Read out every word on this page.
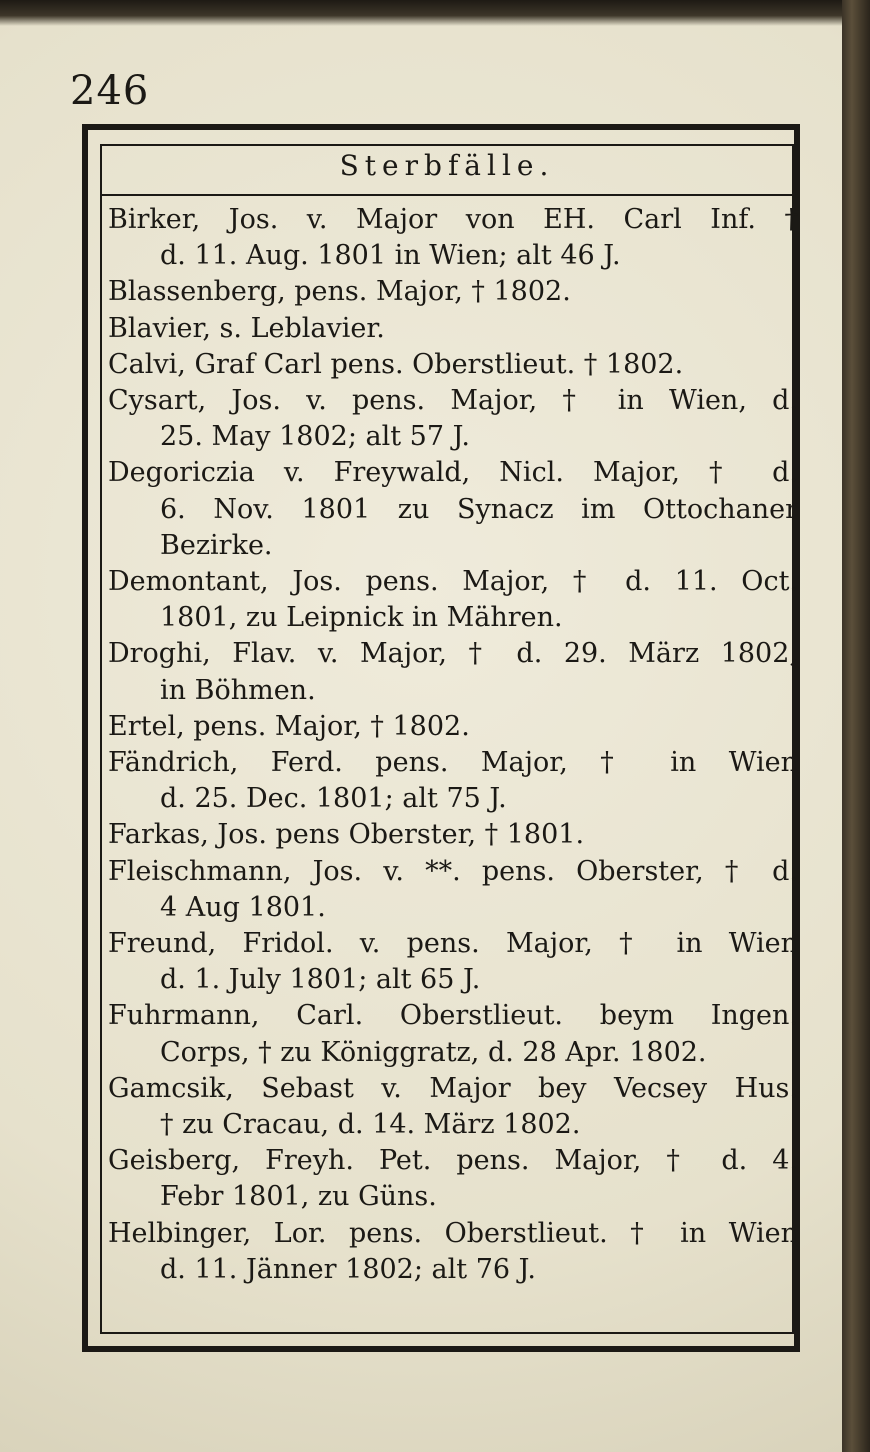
246
Sterbfälle.
Birker, Jos. v. Major von EH. Carl Inf. †
d. 11. Aug. 1801 in Wien; alt 46 J.
Blassenberg, pens. Major, † 1802.
Blavier, s. Leblavier.
Calvi, Graf Carl pens. Oberstlieut. † 1802.
Cysart, Jos. v. pens. Major, † in Wien, d.
25. May 1802; alt 57 J.
Degoriczia v. Freywald, Nicl. Major, † d.
6. Nov. 1801 zu Synacz im Ottochaner
Bezirke.
Demontant, Jos. pens. Major, † d. 11. Oct.
1801, zu Leipnick in Mähren.
Droghi, Flav. v. Major, † d. 29. März 1802,
in Böhmen.
Ertel, pens. Major, † 1802.
Fändrich, Ferd. pens. Major, † in Wien
d. 25. Dec. 1801; alt 75 J.
Farkas, Jos. pens Oberster, † 1801.
Fleischmann, Jos. v. **. pens. Oberster, † d.
4 Aug 1801.
Freund, Fridol. v. pens. Major, † in Wien
d. 1. July 1801; alt 65 J.
Fuhrmann, Carl. Oberstlieut. beym Ingen.
Corps, † zu Königgratz, d. 28 Apr. 1802.
Gamcsik, Sebast v. Major bey Vecsey Hus.
† zu Cracau, d. 14. März 1802.
Geisberg, Freyh. Pet. pens. Major, † d. 4.
Febr 1801, zu Güns.
Helbinger, Lor. pens. Oberstlieut. † in Wien
d. 11. Jänner 1802; alt 76 J.
